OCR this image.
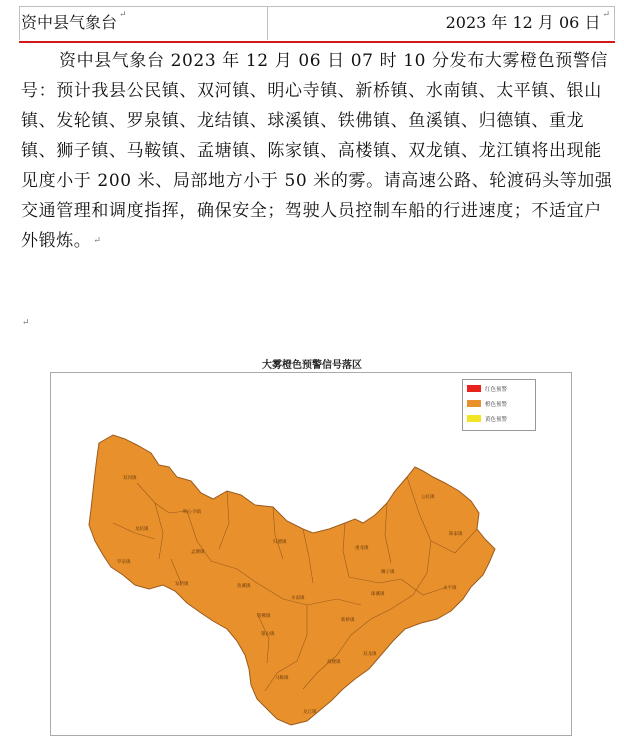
资中县气象台 ↵	2023 年 12 月 06 日 ↵
资中县气象台 2023 年 12 月 06 日 07 时 10 分发布大雾橙色预警信号：预计我县公民镇、双河镇、明心寺镇、新桥镇、水南镇、太平镇、银山镇、发轮镇、罗泉镇、龙结镇、球溪镇、铁佛镇、鱼溪镇、归德镇、重龙镇、狮子镇、马鞍镇、孟塘镇、陈家镇、高楼镇、双龙镇、龙江镇将出现能见度小于 200 米、局部地方小于 50 米的雾。请高速公路、轮渡码头等加强交通管理和调度指挥，确保安全；驾驶人员控制车船的行进速度；不适宜户外锻炼。 ↵
↵
大雾橙色预警信号落区
双河镇
明心寺镇
龙结镇
孟塘镇
罗泉镇
发轮镇
归德镇
鱼溪镇
铁佛镇
水南镇
重龙镇
球溪镇
狮子镇
公民镇
陈家镇
太平镇
新桥镇
银山镇
高楼镇
双龙镇
马鞍镇
龙江镇
红色预警
橙色预警
黄色预警
